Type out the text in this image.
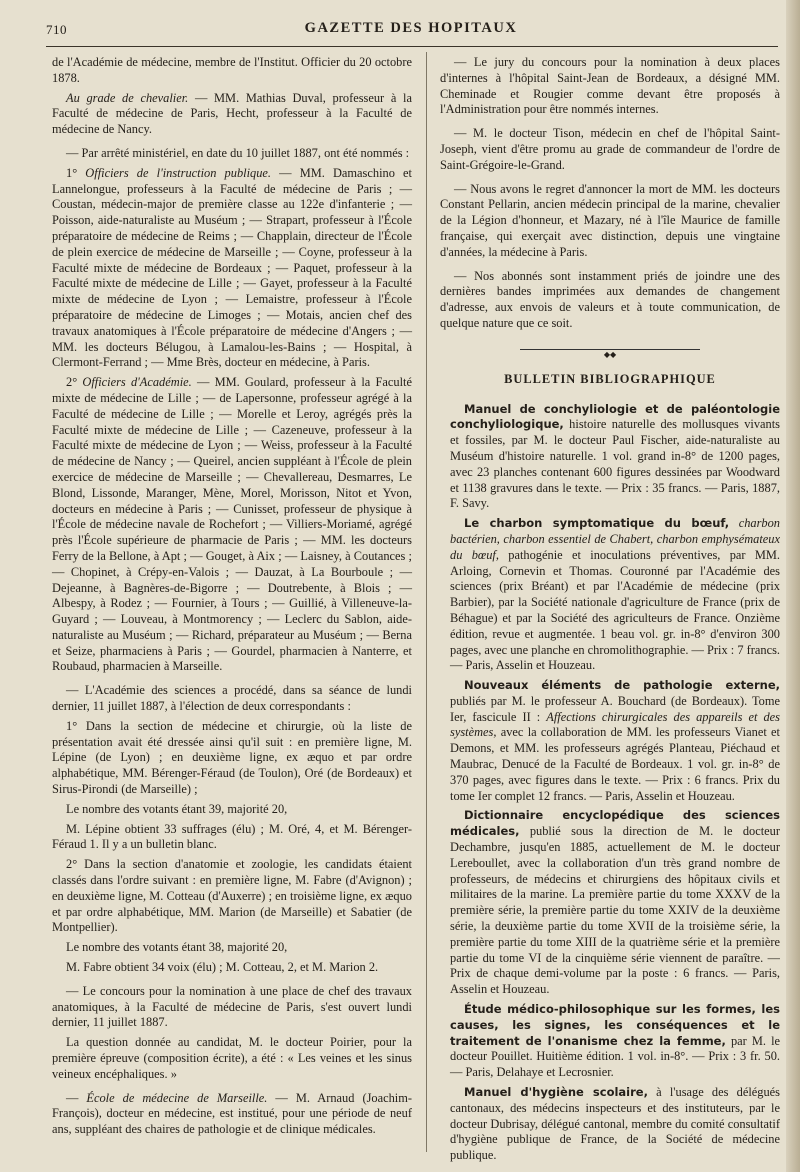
710	GAZETTE DES HOPITAUX

de l'Académie de médecine, membre de l'Institut. Officier du 20 octobre 1878.

Au grade de chevalier. — MM. Mathias Duval, professeur à la Faculté de médecine de Paris, Hecht, professeur à la Faculté de médecine de Nancy.

— Par arrêté ministériel, en date du 10 juillet 1887, ont été nommés :

1° Officiers de l'instruction publique. — MM. Damaschino et Lannelongue, professeurs à la Faculté de médecine de Paris ; — Coustan, médecin-major de première classe au 122e d'infanterie ; — Poisson, aide-naturaliste au Muséum ; — Strapart, professeur à l'École préparatoire de médecine de Reims ; — Chapplain, directeur de l'École de plein exercice de médecine de Marseille ; — Coyne, professeur à la Faculté mixte de médecine de Bordeaux ; — Paquet, professeur à la Faculté mixte de médecine de Lille ; — Gayet, professeur à la Faculté mixte de médecine de Lyon ; — Lemaistre, professeur à l'École préparatoire de médecine de Limoges ; — Motais, ancien chef des travaux anatomiques à l'École préparatoire de médecine d'Angers ; — MM. les docteurs Bélugou, à Lamalou-les-Bains ; — Hospital, à Clermont-Ferrand ; — Mme Brès, docteur en médecine, à Paris.

2° Officiers d'Académie. — MM. Goulard, professeur à la Faculté mixte de médecine de Lille ; — de Lapersonne, professeur agrégé à la Faculté de médecine de Lille ; — Morelle et Leroy, agrégés près la Faculté mixte de médecine de Lille ; — Cazeneuve, professeur à la Faculté mixte de médecine de Lyon ; — Weiss, professeur à la Faculté de médecine de Nancy ; — Queirel, ancien suppléant à l'École de plein exercice de médecine de Marseille ; — Chevallereau, Desmarres, Le Blond, Lissonde, Maranger, Mène, Morel, Morisson, Nitot et Yvon, docteurs en médecine à Paris ; — Cunisset, professeur de physique à l'École de médecine navale de Rochefort ; — Villiers-Moriamé, agrégé près l'École supérieure de pharmacie de Paris ; — MM. les docteurs Ferry de la Bellone, à Apt ; — Gouget, à Aix ; — Laisney, à Coutances ; — Chopinet, à Crépy-en-Valois ; — Dauzat, à La Bourboule ; — Dejeanne, à Bagnères-de-Bigorre ; — Doutrebente, à Blois ; — Albespy, à Rodez ; — Fournier, à Tours ; — Guillié, à Villeneuve-la-Guyard ; — Louveau, à Montmorency ; — Leclerc du Sablon, aide-naturaliste au Muséum ; — Richard, préparateur au Muséum ; — Berna et Seize, pharmaciens à Paris ; — Gourdel, pharmacien à Nanterre, et Roubaud, pharmacien à Marseille.

— L'Académie des sciences a procédé, dans sa séance de lundi dernier, 11 juillet 1887, à l'élection de deux correspondants :

1° Dans la section de médecine et chirurgie, où la liste de présentation avait été dressée ainsi qu'il suit : en première ligne, M. Lépine (de Lyon) ; en deuxième ligne, ex æquo et par ordre alphabétique, MM. Bérenger-Féraud (de Toulon), Oré (de Bordeaux) et Sirus-Pirondi (de Marseille) ;

Le nombre des votants étant 39, majorité 20,

M. Lépine obtient 33 suffrages (élu) ; M. Oré, 4, et M. Bérenger-Féraud 1. Il y a un bulletin blanc.

2° Dans la section d'anatomie et zoologie, les candidats étaient classés dans l'ordre suivant : en première ligne, M. Fabre (d'Avignon) ; en deuxième ligne, M. Cotteau (d'Auxerre) ; en troisième ligne, ex æquo et par ordre alphabétique, MM. Marion (de Marseille) et Sabatier (de Montpellier).

Le nombre des votants étant 38, majorité 20,

M. Fabre obtient 34 voix (élu) ; M. Cotteau, 2, et M. Marion 2.

— Le concours pour la nomination à une place de chef des travaux anatomiques, à la Faculté de médecine de Paris, s'est ouvert lundi dernier, 11 juillet 1887.

La question donnée au candidat, M. le docteur Poirier, pour la première épreuve (composition écrite), a été : « Les veines et les sinus veineux encéphaliques. »

— École de médecine de Marseille. — M. Arnaud (Joachim-François), docteur en médecine, est institué, pour une période de neuf ans, suppléant des chaires de pathologie et de clinique médicales.

— Le jury du concours pour la nomination à deux places d'internes à l'hôpital Saint-Jean de Bordeaux, a désigné MM. Cheminade et Rougier comme devant être proposés à l'Administration pour être nommés internes.

— M. le docteur Tison, médecin en chef de l'hôpital Saint-Joseph, vient d'être promu au grade de commandeur de l'ordre de Saint-Grégoire-le-Grand.

— Nous avons le regret d'annoncer la mort de MM. les docteurs Constant Pellarin, ancien médecin principal de la marine, chevalier de la Légion d'honneur, et Mazary, né à l'île Maurice de famille française, qui exerçait avec distinction, depuis une vingtaine d'années, la médecine à Paris.

— Nos abonnés sont instamment priés de joindre une des dernières bandes imprimées aux demandes de changement d'adresse, aux envois de valeurs et à toute communication, de quelque nature que ce soit.

◆◆
BULLETIN BIBLIOGRAPHIQUE

Manuel de conchyliologie et de paléontologie conchyliologique, histoire naturelle des mollusques vivants et fossiles, par M. le docteur Paul Fischer, aide-naturaliste au Muséum d'histoire naturelle. 1 vol. grand in-8° de 1200 pages, avec 23 planches contenant 600 figures dessinées par Woodward et 1138 gravures dans le texte. — Prix : 35 francs. — Paris, 1887, F. Savy.

Le charbon symptomatique du bœuf, charbon bactérien, charbon essentiel de Chabert, charbon emphysémateux du bœuf, pathogénie et inoculations préventives, par MM. Arloing, Cornevin et Thomas. Couronné par l'Académie des sciences (prix Bréant) et par l'Académie de médecine (prix Barbier), par la Société nationale d'agriculture de France (prix de Béhague) et par la Société des agriculteurs de France. Onzième édition, revue et augmentée. 1 beau vol. gr. in-8° d'environ 300 pages, avec une planche en chromolithographie. — Prix : 7 francs. — Paris, Asselin et Houzeau.

Nouveaux éléments de pathologie externe, publiés par M. le professeur A. Bouchard (de Bordeaux). Tome Ier, fascicule II : Affections chirurgicales des appareils et des systèmes, avec la collaboration de MM. les professeurs Vianet et Demons, et MM. les professeurs agrégés Planteau, Piéchaud et Maubrac, Denucé de la Faculté de Bordeaux. 1 vol. gr. in-8° de 370 pages, avec figures dans le texte. — Prix : 6 francs. Prix du tome Ier complet 12 francs. — Paris, Asselin et Houzeau.

Dictionnaire encyclopédique des sciences médicales, publié sous la direction de M. le docteur Dechambre, jusqu'en 1885, actuellement de M. le docteur Lereboullet, avec la collaboration d'un très grand nombre de professeurs, de médecins et chirurgiens des hôpitaux civils et militaires de la marine. La première partie du tome XXXV de la première série, la première partie du tome XXIV de la deuxième série, la deuxième partie du tome XVII de la troisième série, la première partie du tome XIII de la quatrième série et la première partie du tome VI de la cinquième série viennent de paraître. — Prix de chaque demi-volume par la poste : 6 francs. — Paris, Asselin et Houzeau.

Étude médico-philosophique sur les formes, les causes, les signes, les conséquences et le traitement de l'onanisme chez la femme, par M. le docteur Pouillet. Huitième édition. 1 vol. in-8°. — Prix : 3 fr. 50. — Paris, Delahaye et Lecrosnier.

Manuel d'hygiène scolaire, à l'usage des délégués cantonaux, des médecins inspecteurs et des instituteurs, par le docteur Dubrisay, délégué cantonal, membre du comité consultatif d'hygiène publique de France, de la Société de médecine publique.
